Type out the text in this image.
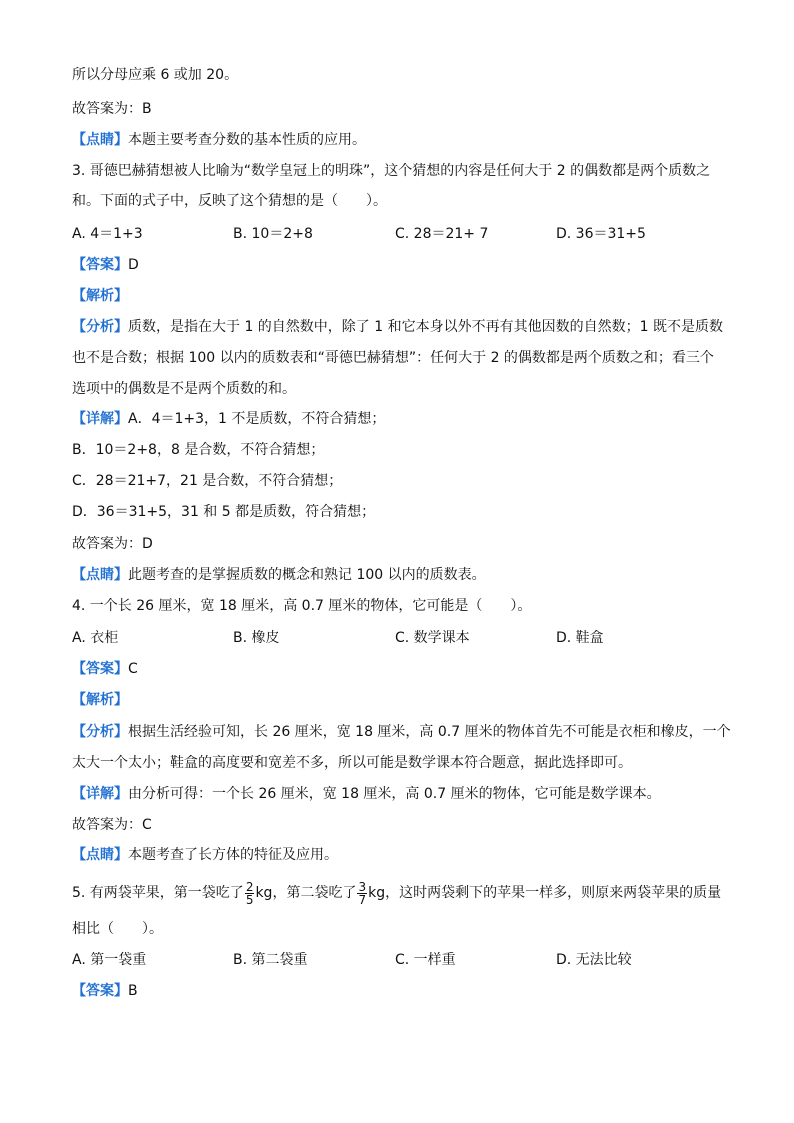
所以分母应乘 6 或加 20。
故答案为：B
【点睛】本题主要考查分数的基本性质的应用。
3. 哥德巴赫猜想被人比喻为“数学皇冠上的明珠”，这个猜想的内容是任何大于 2 的偶数都是两个质数之
和。下面的式子中，反映了这个猜想的是（　　）。
A. 4＝1+3	B. 10＝2+8	C. 28＝21+ 7	D. 36＝31+5
【答案】D
【解析】
【分析】质数，是指在大于 1 的自然数中，除了 1 和它本身以外不再有其他因数的自然数；1 既不是质数
也不是合数；根据 100 以内的质数表和“哥德巴赫猜想”：任何大于 2 的偶数都是两个质数之和；看三个
选项中的偶数是不是两个质数的和。
【详解】A．4＝1+3，1 不是质数，不符合猜想；
B．10＝2+8，8 是合数，不符合猜想；
C．28＝21+7，21 是合数，不符合猜想；
D．36＝31+5，31 和 5 都是质数，符合猜想；
故答案为：D
【点睛】此题考查的是掌握质数的概念和熟记 100 以内的质数表。
4. 一个长 26 厘米，宽 18 厘米，高 0.7 厘米的物体，它可能是（　　）。
A. 衣柜	B. 橡皮	C. 数学课本	D. 鞋盒
【答案】C
【解析】
【分析】根据生活经验可知，长 26 厘米，宽 18 厘米，高 0.7 厘米的物体首先不可能是衣柜和橡皮，一个
太大一个太小；鞋盒的高度要和宽差不多，所以可能是数学课本符合题意，据此选择即可。
【详解】由分析可得：一个长 26 厘米，宽 18 厘米，高 0.7 厘米的物体，它可能是数学课本。
故答案为：C
【点睛】本题考查了长方体的特征及应用。
5. 有两袋苹果，第一袋吃了 $\frac{2}{5}$ kg，第二袋吃了 $\frac{3}{7}$ kg，这时两袋剩下的苹果一样多，则原来两袋苹果的质量
相比（　　）。
A. 第一袋重	B. 第二袋重	C. 一样重	D. 无法比较
【答案】B
